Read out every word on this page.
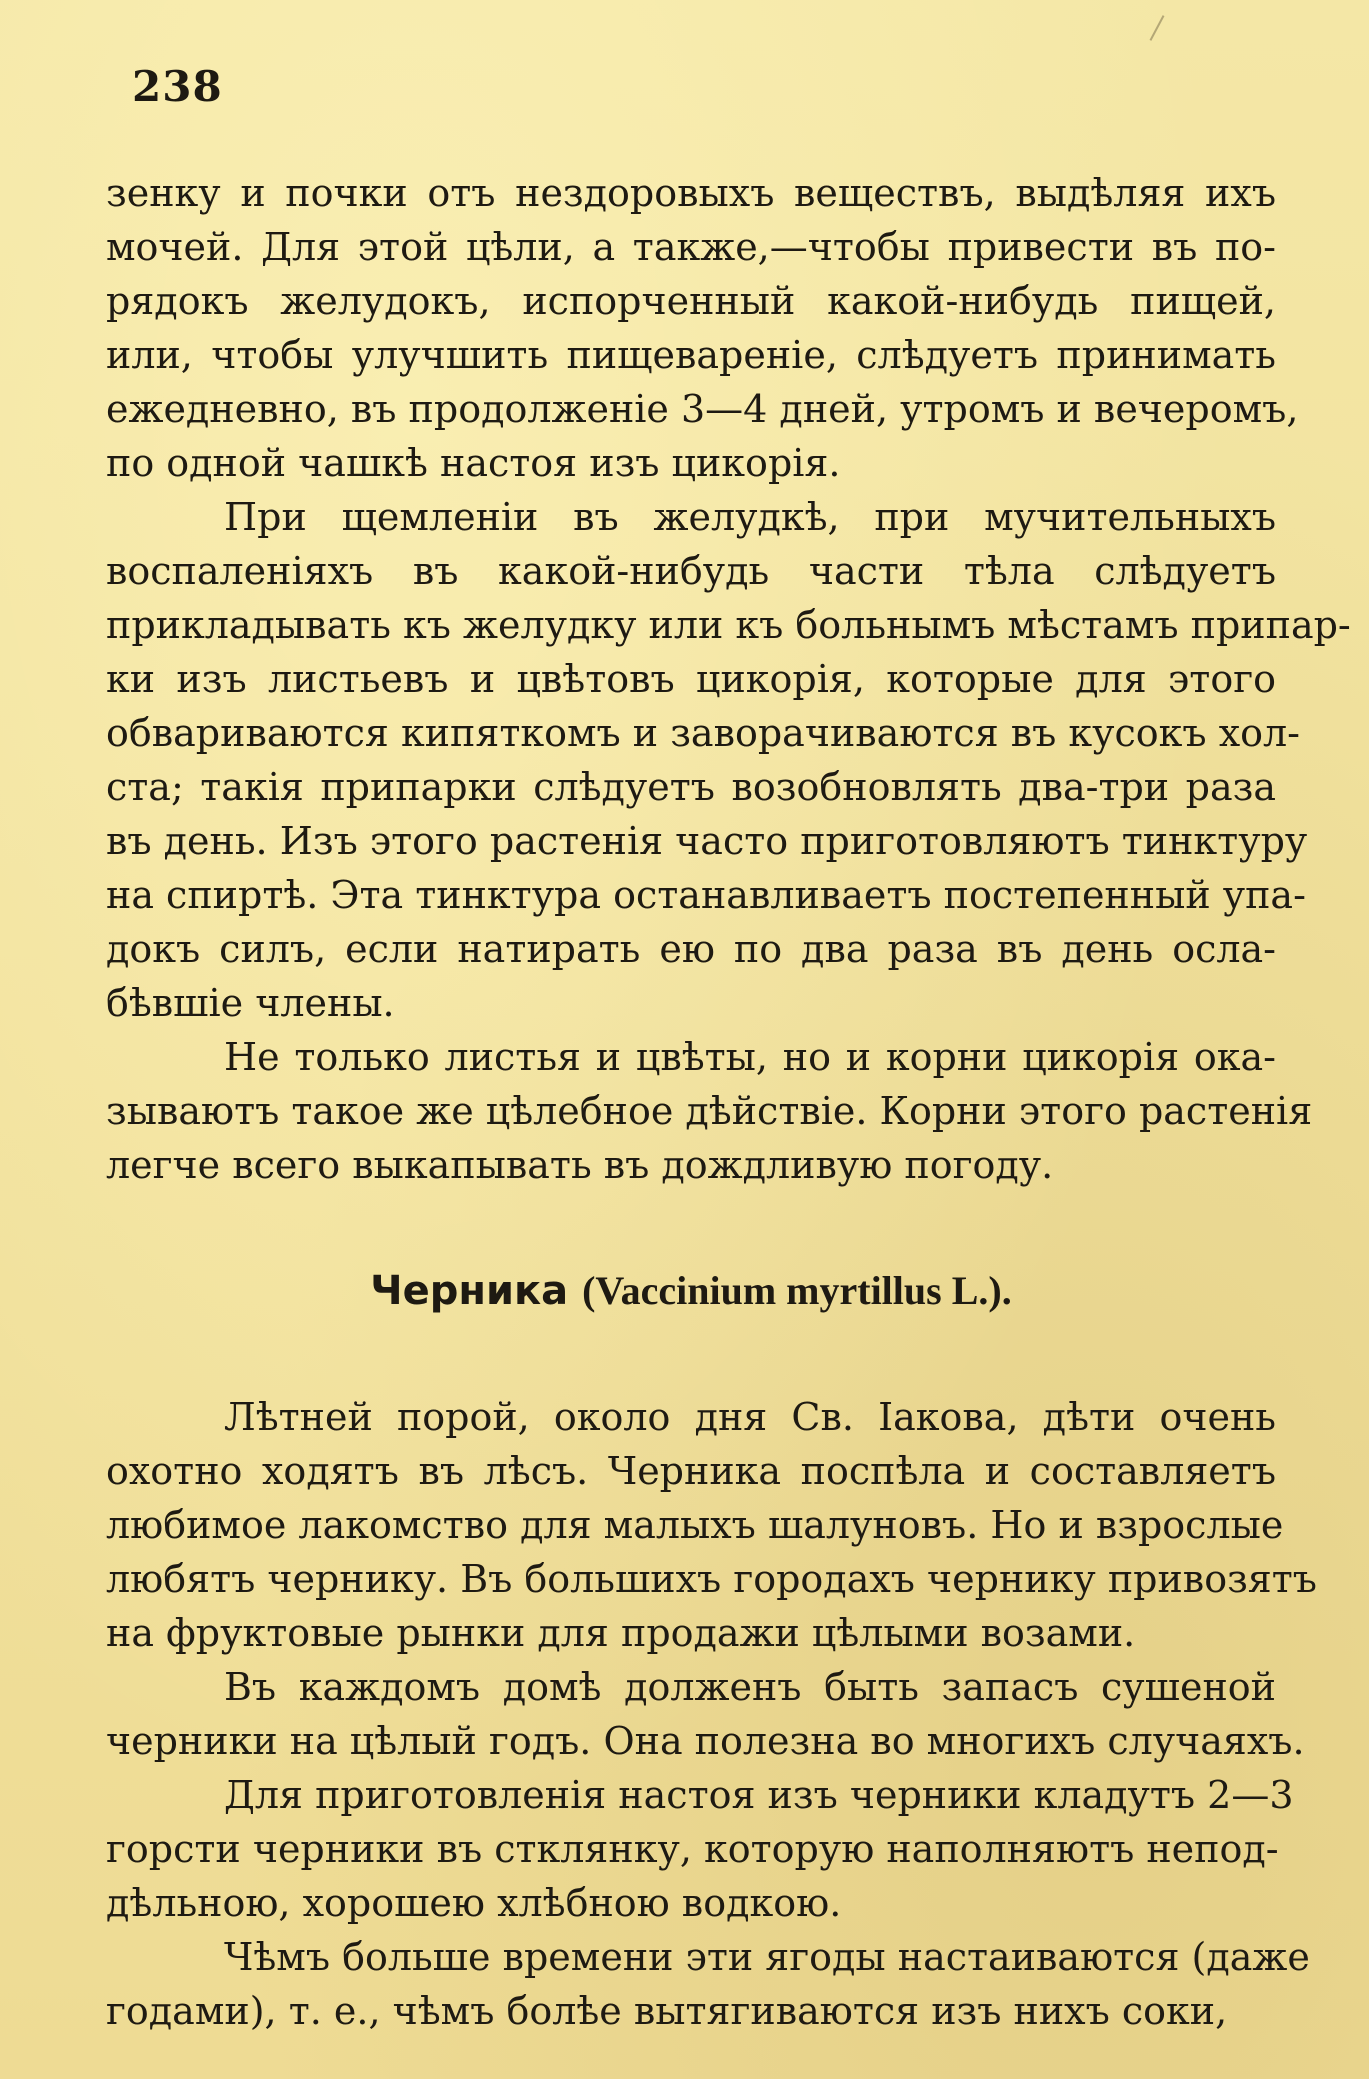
238

зенку и почки отъ нездоровыхъ веществъ, выдѣляя ихъ
мочей. Для этой цѣли, а также,—чтобы привести въ по-
рядокъ желудокъ, испорченный какой-нибудь пищей,
или, чтобы улучшить пищевареніе, слѣдуетъ принимать
ежедневно, въ продолженіе 3—4 дней, утромъ и вечеромъ,
по одной чашкѣ настоя изъ цикорія.

При щемленіи въ желудкѣ, при мучительныхъ
воспаленіяхъ въ какой-нибудь части тѣла слѣдуетъ
прикладывать къ желудку или къ больнымъ мѣстамъ припар-
ки изъ листьевъ и цвѣтовъ цикорія, которые для этого
обвариваются кипяткомъ и заворачиваются въ кусокъ хол-
ста; такія припарки слѣдуетъ возобновлять два-три раза
въ день. Изъ этого растенія часто приготовляютъ тинктуру
на спиртѣ. Эта тинктура останавливаетъ постепенный упа-
докъ силъ, если натирать ею по два раза въ день осла-
бѣвшіе члены.

Не только листья и цвѣты, но и корни цикорія ока-
зываютъ такое же цѣлебное дѣйствіе. Корни этого растенія
легче всего выкапывать въ дождливую погоду.

Черника (Vaccinium myrtillus L.).

Лѣтней порой, около дня Св. Іакова, дѣти очень
охотно ходятъ въ лѣсъ. Черника поспѣла и составляетъ
любимое лакомство для малыхъ шалуновъ. Но и взрослые
любятъ чернику. Въ большихъ городахъ чернику привозятъ
на фруктовые рынки для продажи цѣлыми возами.

Въ каждомъ домѣ долженъ быть запасъ сушеной
черники на цѣлый годъ. Она полезна во многихъ случаяхъ.

Для приготовленія настоя изъ черники кладутъ 2—3
горсти черники въ стклянку, которую наполняютъ непод-
дѣльною, хорошею хлѣбною водкою.

Чѣмъ больше времени эти ягоды настаиваются (даже
годами), т. е., чѣмъ болѣе вытягиваются изъ нихъ соки,
